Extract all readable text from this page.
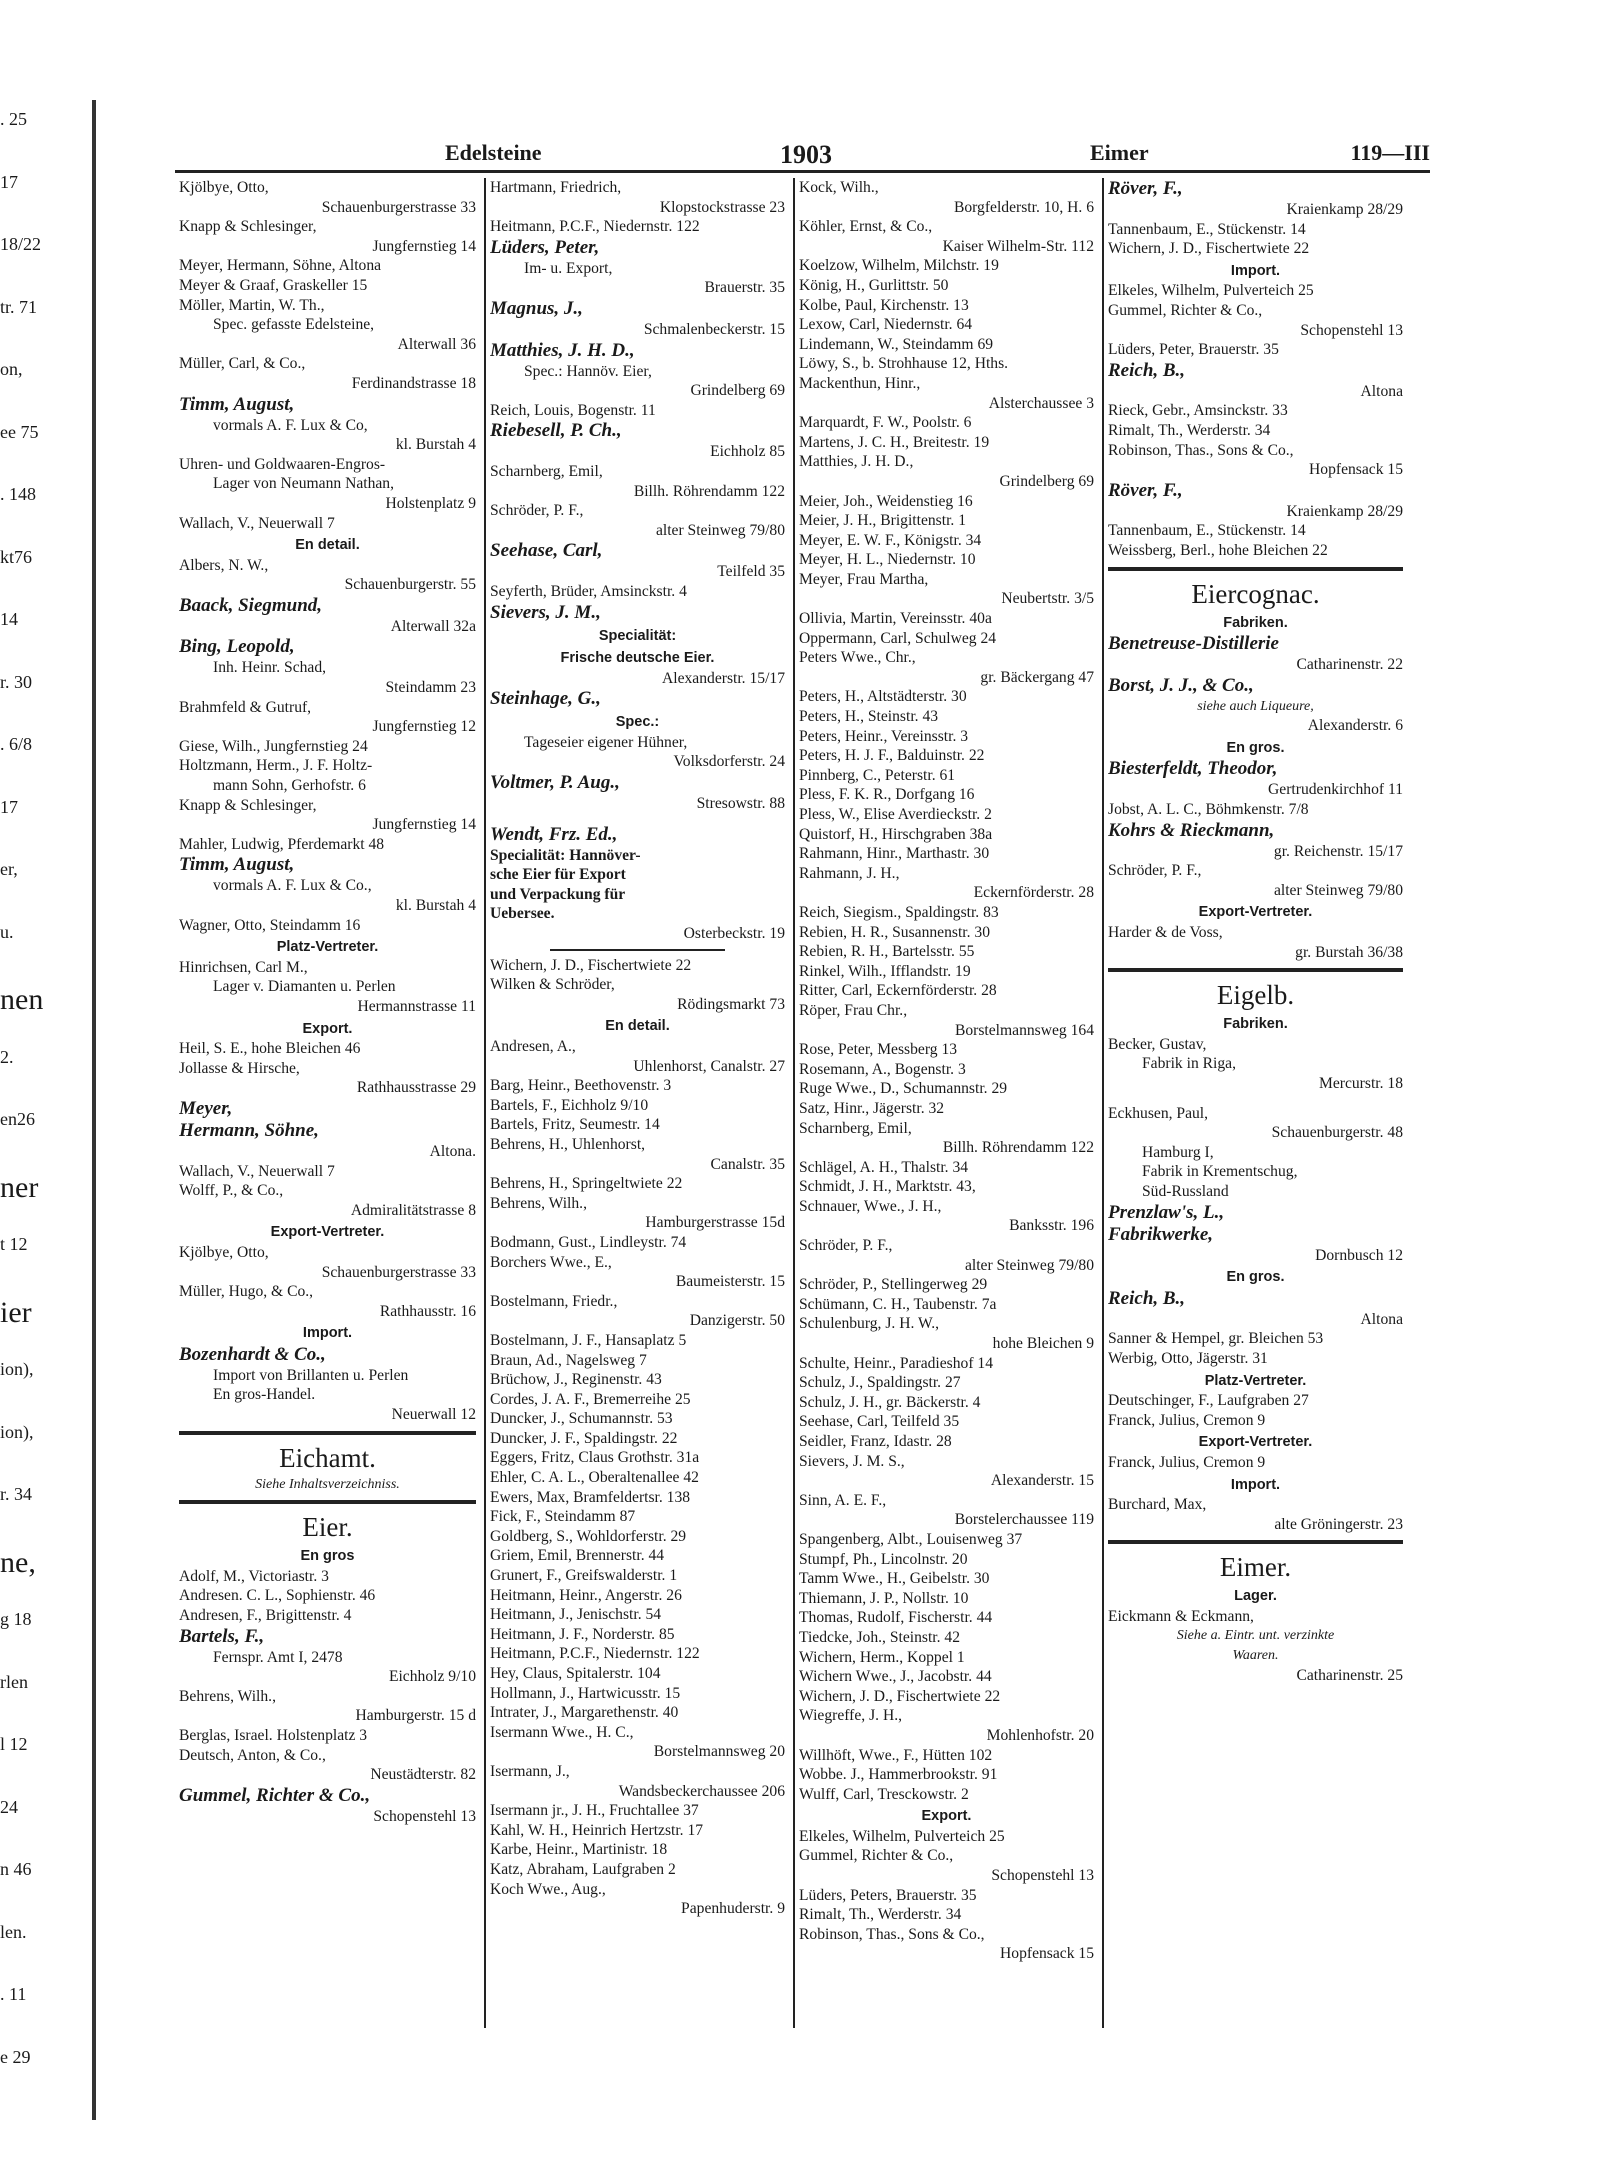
. 25
17
18/22
tr. 71
on,
ee 75
. 148
kt76
14
r. 30
. 6/8
17
er,
u.
nen
2.
en26
ner
t 12
ier
ion),
ion),
r. 34
ne,
g 18
rlen
l 12
24
n 46
len.
. 11
e 29
Edelsteine	1903	Eimer	119—III
Kjölbye, Otto,
Schauenburgerstrasse 33
Knapp & Schlesinger,
Jungfernstieg 14
Meyer, Hermann, Söhne, Altona
Meyer & Graaf, Graskeller 15
Möller, Martin, W. Th.,
Spec. gefasste Edelsteine,
Alterwall 36
Müller, Carl, & Co.,
Ferdinandstrasse 18
Timm, August,
vormals A. F. Lux & Co,
kl. Burstah 4
Uhren- und Goldwaaren-Engros-
Lager von Neumann Nathan,
Holstenplatz 9
Wallach, V., Neuerwall 7
En detail.
Albers, N. W.,
Schauenburgerstr. 55
Baack, Siegmund,
Alterwall 32a
Bing, Leopold,
Inh. Heinr. Schad,
Steindamm 23
Brahmfeld & Gutruf,
Jungfernstieg 12
Giese, Wilh., Jungfernstieg 24
Holtzmann, Herm., J. F. Holtz-
mann Sohn, Gerhofstr. 6
Knapp & Schlesinger,
Jungfernstieg 14
Mahler, Ludwig, Pferdemarkt 48
Timm, August,
vormals A. F. Lux & Co.,
kl. Burstah 4
Wagner, Otto, Steindamm 16
Platz-Vertreter.
Hinrichsen, Carl M.,
Lager v. Diamanten u. Perlen
Hermannstrasse 11
Export.
Heil, S. E., hohe Bleichen 46
Jollasse & Hirsche,
Rathhausstrasse 29
Meyer,
Hermann, Söhne,
Altona.
Wallach, V., Neuerwall 7
Wolff, P., & Co.,
Admiralitätstrasse 8
Export-Vertreter.
Kjölbye, Otto,
Schauenburgerstrasse 33
Müller, Hugo, & Co.,
Rathhausstr. 16
Import.
Bozenhardt & Co.,
Import von Brillanten u. Perlen
En gros-Handel.
Neuerwall 12
Eichamt.
Siehe Inhaltsverzeichniss.
Eier.
En gros
Adolf, M., Victoriastr. 3
Andresen. C. L., Sophienstr. 46
Andresen, F., Brigittenstr. 4
Bartels, F.,
Fernspr. Amt I, 2478
Eichholz 9/10
Behrens, Wilh.,
Hamburgerstr. 15 d
Berglas, Israel. Holstenplatz 3
Deutsch, Anton, & Co.,
Neustädterstr. 82
Gummel, Richter & Co.,
Schopenstehl 13
Hartmann, Friedrich,
Klopstockstrasse 23
Heitmann, P.C.F., Niedernstr. 122
Lüders, Peter,
Im- u. Export,
Brauerstr. 35
Magnus, J.,
Schmalenbeckerstr. 15
Matthies, J. H. D.,
Spec.: Hannöv. Eier,
Grindelberg 69
Reich, Louis, Bogenstr. 11
Riebesell, P. Ch.,
Eichholz 85
Scharnberg, Emil,
Billh. Röhrendamm 122
Schröder, P. F.,
alter Steinweg 79/80
Seehase, Carl,
Teilfeld 35
Seyferth, Brüder, Amsinckstr. 4
Sievers, J. M.,
Specialität:
Frische deutsche Eier.
Alexanderstr. 15/17
Steinhage, G.,
Spec.:
Tageseier eigener Hühner,
Volksdorferstr. 24
Voltmer, P. Aug.,
Stresowstr. 88
Wendt, Frz. Ed.,
Specialität: Hannöver-
sche Eier für Export
und Verpackung für
Uebersee.
Osterbeckstr. 19
Wichern, J. D., Fischertwiete 22
Wilken & Schröder,
Rödingsmarkt 73
En detail.
Andresen, A.,
Uhlenhorst, Canalstr. 27
Barg, Heinr., Beethovenstr. 3
Bartels, F., Eichholz 9/10
Bartels, Fritz, Seumestr. 14
Behrens, H., Uhlenhorst,
Canalstr. 35
Behrens, H., Springeltwiete 22
Behrens, Wilh.,
Hamburgerstrasse 15d
Bodmann, Gust., Lindleystr. 74
Borchers Wwe., E.,
Baumeisterstr. 15
Bostelmann, Friedr.,
Danzigerstr. 50
Bostelmann, J. F., Hansaplatz 5
Braun, Ad., Nagelsweg 7
Brüchow, J., Reginenstr. 43
Cordes, J. A. F., Bremerreihe 25
Duncker, J., Schumannstr. 53
Duncker, J. F., Spaldingstr. 22
Eggers, Fritz, Claus Grothstr. 31a
Ehler, C. A. L., Oberaltenallee 42
Ewers, Max, Bramfeldertsr. 138
Fick, F., Steindamm 87
Goldberg, S., Wohldorferstr. 29
Griem, Emil, Brennerstr. 44
Grunert, F., Greifswalderstr. 1
Heitmann, Heinr., Angerstr. 26
Heitmann, J., Jenischstr. 54
Heitmann, J. F., Norderstr. 85
Heitmann, P.C.F., Niedernstr. 122
Hey, Claus, Spitalerstr. 104
Hollmann, J., Hartwicusstr. 15
Intrater, J., Margarethenstr. 40
Isermann Wwe., H. C.,
Borstelmannsweg 20
Isermann, J.,
Wandsbeckerchaussee 206
Isermann jr., J. H., Fruchtallee 37
Kahl, W. H., Heinrich Hertzstr. 17
Karbe, Heinr., Martinistr. 18
Katz, Abraham, Laufgraben 2
Koch Wwe., Aug.,
Papenhuderstr. 9
Kock, Wilh.,
Borgfelderstr. 10, H. 6
Köhler, Ernst, & Co.,
Kaiser Wilhelm-Str. 112
Koelzow, Wilhelm, Milchstr. 19
König, H., Gurlittstr. 50
Kolbe, Paul, Kirchenstr. 13
Lexow, Carl, Niedernstr. 64
Lindemann, W., Steindamm 69
Löwy, S., b. Strohhause 12, Hths.
Mackenthun, Hinr.,
Alsterchaussee 3
Marquardt, F. W., Poolstr. 6
Martens, J. C. H., Breitestr. 19
Matthies, J. H. D.,
Grindelberg 69
Meier, Joh., Weidenstieg 16
Meier, J. H., Brigittenstr. 1
Meyer, E. W. F., Königstr. 34
Meyer, H. L., Niedernstr. 10
Meyer, Frau Martha,
Neubertstr. 3/5
Ollivia, Martin, Vereinsstr. 40a
Oppermann, Carl, Schulweg 24
Peters Wwe., Chr.,
gr. Bäckergang 47
Peters, H., Altstädterstr. 30
Peters, H., Steinstr. 43
Peters, Heinr., Vereinsstr. 3
Peters, H. J. F., Balduinstr. 22
Pinnberg, C., Peterstr. 61
Pless, F. K. R., Dorfgang 16
Pless, W., Elise Averdieckstr. 2
Quistorf, H., Hirschgraben 38a
Rahmann, Hinr., Marthastr. 30
Rahmann, J. H.,
Eckernförderstr. 28
Reich, Siegism., Spaldingstr. 83
Rebien, H. R., Susannenstr. 30
Rebien, R. H., Bartelsstr. 55
Rinkel, Wilh., Ifflandstr. 19
Ritter, Carl, Eckernförderstr. 28
Röper, Frau Chr.,
Borstelmannsweg 164
Rose, Peter, Messberg 13
Rosemann, A., Bogenstr. 3
Ruge Wwe., D., Schumannstr. 29
Satz, Hinr., Jägerstr. 32
Scharnberg, Emil,
Billh. Röhrendamm 122
Schlägel, A. H., Thalstr. 34
Schmidt, J. H., Marktstr. 43,
Schnauer, Wwe., J. H.,
Banksstr. 196
Schröder, P. F.,
alter Steinweg 79/80
Schröder, P., Stellingerweg 29
Schümann, C. H., Taubenstr. 7a
Schulenburg, J. H. W.,
hohe Bleichen 9
Schulte, Heinr., Paradieshof 14
Schulz, J., Spaldingstr. 27
Schulz, J. H., gr. Bäckerstr. 4
Seehase, Carl, Teilfeld 35
Seidler, Franz, Idastr. 28
Sievers, J. M. S.,
Alexanderstr. 15
Sinn, A. E. F.,
Borstelerchaussee 119
Spangenberg, Albt., Louisenweg 37
Stumpf, Ph., Lincolnstr. 20
Tamm Wwe., H., Geibelstr. 30
Thiemann, J. P., Nollstr. 10
Thomas, Rudolf, Fischerstr. 44
Tiedcke, Joh., Steinstr. 42
Wichern, Herm., Koppel 1
Wichern Wwe., J., Jacobstr. 44
Wichern, J. D., Fischertwiete 22
Wiegreffe, J. H.,
Mohlenhofstr. 20
Willhöft, Wwe., F., Hütten 102
Wobbe. J., Hammerbrookstr. 91
Wulff, Carl, Tresckowstr. 2
Export.
Elkeles, Wilhelm, Pulverteich 25
Gummel, Richter & Co.,
Schopenstehl 13
Lüders, Peters, Brauerstr. 35
Rimalt, Th., Werderstr. 34
Robinson, Thas., Sons & Co.,
Hopfensack 15
Röver, F.,
Kraienkamp 28/29
Tannenbaum, E., Stückenstr. 14
Wichern, J. D., Fischertwiete 22
Import.
Elkeles, Wilhelm, Pulverteich 25
Gummel, Richter & Co.,
Schopenstehl 13
Lüders, Peter, Brauerstr. 35
Reich, B.,
Altona
Rieck, Gebr., Amsinckstr. 33
Rimalt, Th., Werderstr. 34
Robinson, Thas., Sons & Co.,
Hopfensack 15
Röver, F.,
Kraienkamp 28/29
Tannenbaum, E., Stückenstr. 14
Weissberg, Berl., hohe Bleichen 22
Eiercognac.
Fabriken.
Benetreuse-Distillerie
Catharinenstr. 22
Borst, J. J., & Co.,
siehe auch Liqueure,
Alexanderstr. 6
En gros.
Biesterfeldt, Theodor,
Gertrudenkirchhof 11
Jobst, A. L. C., Böhmkenstr. 7/8
Kohrs & Rieckmann,
gr. Reichenstr. 15/17
Schröder, P. F.,
alter Steinweg 79/80
Export-Vertreter.
Harder & de Voss,
gr. Burstah 36/38
Eigelb.
Fabriken.
Becker, Gustav,
Fabrik in Riga,
Mercurstr. 18
Eckhusen, Paul,
Schauenburgerstr. 48
Hamburg I,
Fabrik in Krementschug,
Süd-Russland
Prenzlaw's, L.,
Fabrikwerke,
Dornbusch 12
En gros.
Reich, B.,
Altona
Sanner & Hempel, gr. Bleichen 53
Werbig, Otto, Jägerstr. 31
Platz-Vertreter.
Deutschinger, F., Laufgraben 27
Franck, Julius, Cremon 9
Export-Vertreter.
Franck, Julius, Cremon 9
Import.
Burchard, Max,
alte Gröningerstr. 23
Eimer.
Lager.
Eickmann & Eckmann,
Siehe a. Eintr. unt. verzinkte
Waaren.
Catharinenstr. 25
